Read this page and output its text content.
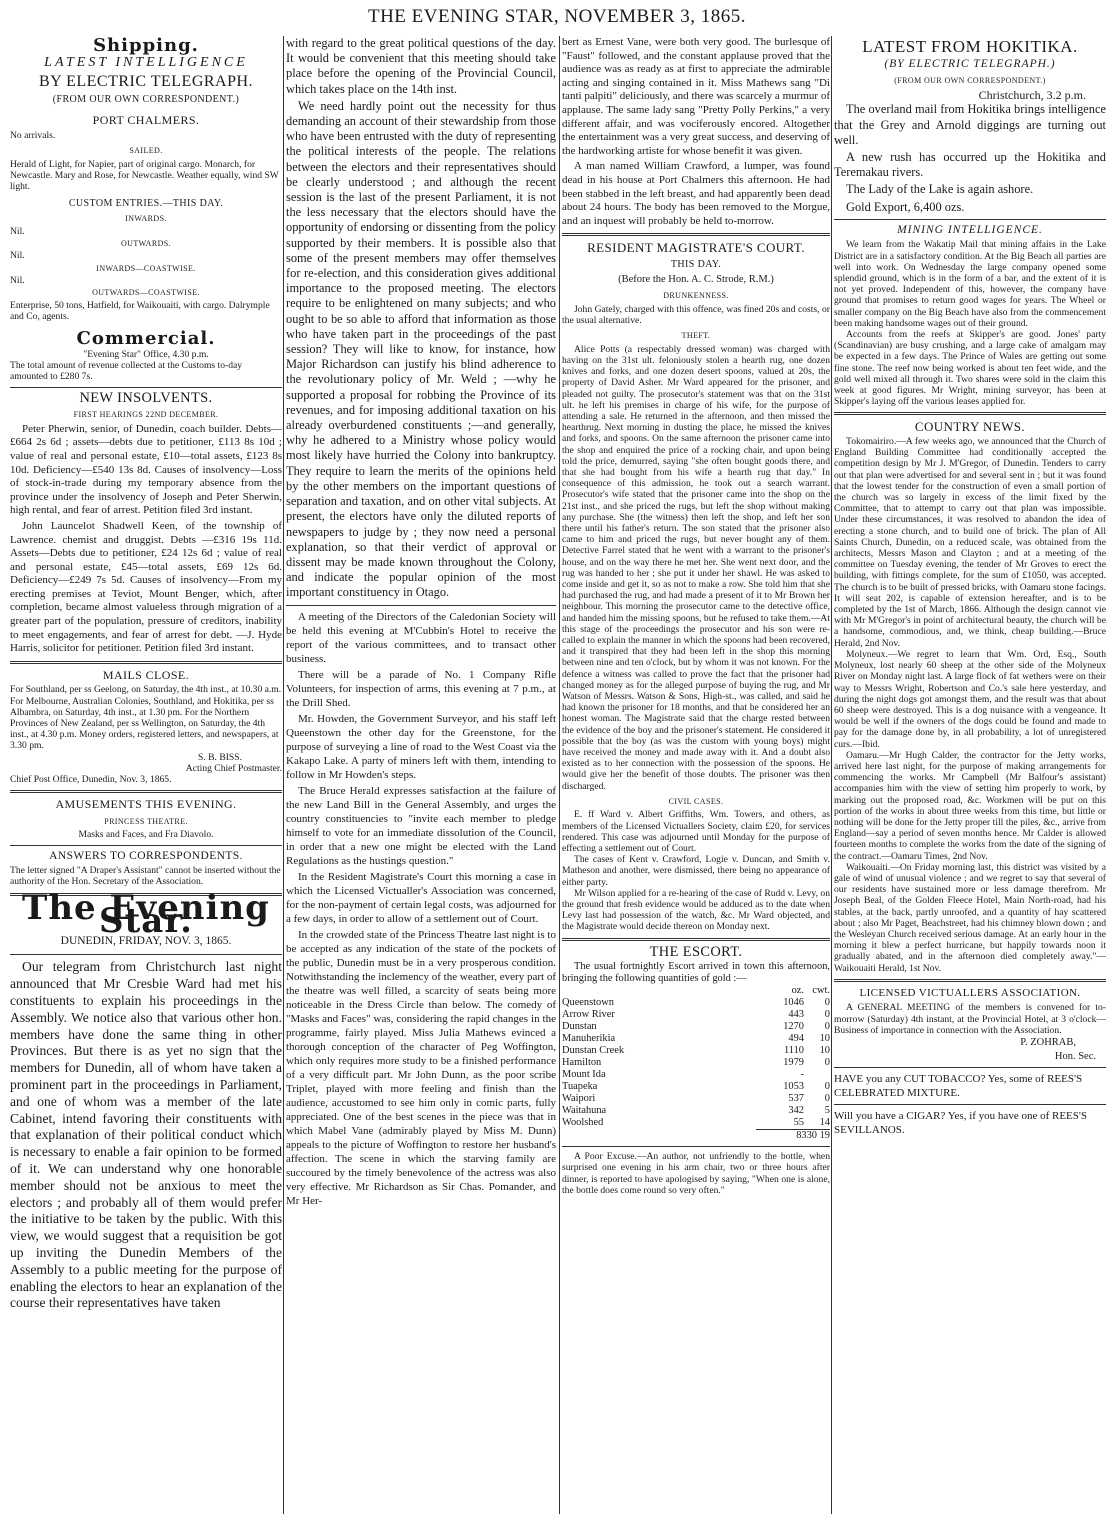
THE EVENING STAR, NOVEMBER 3, 1865.
Shipping.
LATEST INTELLIGENCE
BY ELECTRIC TELEGRAPH.
(FROM OUR OWN CORRESPONDENT.)
PORT CHALMERS.
No arrivals.
SAILED.
Herald of Light, for Napier, part of original cargo. Monarch, for Newcastle. Mary and Rose, for Newcastle. Weather equally, wind SW light.
CUSTOM ENTRIES.—THIS DAY.
INWARDS.
Nil.
OUTWARDS.
Nil.
INWARDS—COASTWISE.
Nil.
OUTWARDS—COASTWISE.
Enterprise, 50 tons, Hatfield, for Waikouaiti, with cargo. Dalrymple and Co, agents.
Commercial.
"Evening Star" Office, 4.30 p.m.
The total amount of revenue collected at the Customs to-day amounted to £280 7s.
NEW INSOLVENTS.
FIRST HEARINGS 22ND DECEMBER.

Peter Pherwin, senior, of Dunedin, coach builder. Debts—£664 2s 6d ; assets—debts due to petitioner, £113 8s 10d ; value of real and personal estate, £10—total assets, £123 8s 10d. Deficiency—£540 13s 8d. Causes of insolvency—Loss of stock-in-trade during my temporary absence from the province under the insolvency of Joseph and Peter Sherwin, high rental, and fear of arrest. Petition filed 3rd instant.

John Launcelot Shadwell Keen, of the township of Lawrence. chemist and druggist. Debts —£316 19s 11d. Assets—Debts due to petitioner, £24 12s 6d ; value of real and personal estate, £45—total assets, £69 12s 6d. Deficiency—£249 7s 5d. Causes of insolvency—From my erecting premises at Teviot, Mount Benger, which, after completion, became almost valueless through migration of a greater part of the population, pressure of creditors, inability to meet engagements, and fear of arrest for debt. —J. Hyde Harris, solicitor for petitioner. Petition filed 3rd instant.

MAILS CLOSE.
For Southland, per ss Geelong, on Saturday, the 4th inst., at 10.30 a.m. For Melbourne, Australian Colonies, Southland, and Hokitika, per ss Albambra, on Saturday, 4th inst., at 1.30 pm. For the Northern Provinces of New Zealand, per ss Wellington, on Saturday, the 4th inst., at 4.30 p.m. Money orders, registered letters, and newspapers, at 3.30 pm.
S. B. BISS.
Acting Chief Postmaster.
Chief Post Office, Dunedin, Nov. 3, 1865.
AMUSEMENTS THIS EVENING.
PRINCESS THEATRE.
Masks and Faces, and Fra Diavolo.
ANSWERS TO CORRESPONDENTS.
The letter signed "A Draper's Assistant" cannot be inserted without the authority of the Hon. Secretary of the Association.
The Evening Star.
DUNEDIN, FRIDAY, NOV. 3, 1865.

Our telegram from Christchurch last night announced that Mr Cresbie Ward had met his constituents to explain his proceedings in the Assembly. We notice also that various other hon. members have done the same thing in other Provinces. But there is as yet no sign that the members for Dunedin, all of whom have taken a prominent part in the proceedings in Parliament, and one of whom was a member of the late Cabinet, intend favoring their constituents with that explanation of their political conduct which is necessary to enable a fair opinion to be formed of it. We can understand why one honorable member should not be anxious to meet the electors ; and probably all of them would prefer the initiative to be taken by the public. With this view, we would suggest that a requisition be got up inviting the Dunedin Members of the Assembly to a public meeting for the purpose of enabling the electors to hear an explanation of the course their representatives have taken

with regard to the great political questions of the day. It would be convenient that this meeting should take place before the opening of the Provincial Council, which takes place on the 14th inst.

We need hardly point out the necessity for thus demanding an account of their stewardship from those who have been entrusted with the duty of representing the political interests of the people. The relations between the electors and their representatives should be clearly understood ; and although the recent session is the last of the present Parliament, it is not the less necessary that the electors should have the opportunity of endorsing or dissenting from the policy supported by their members. It is possible also that some of the present members may offer themselves for re-election, and this consideration gives additional importance to the proposed meeting. The electors require to be enlightened on many subjects; and who ought to be so able to afford that information as those who have taken part in the proceedings of the past session? They will like to know, for instance, how Major Richardson can justify his blind adherence to the revolutionary policy of Mr. Weld ; —why he supported a proposal for robbing the Province of its revenues, and for imposing additional taxation on his already overburdened constituents ;—and generally, why he adhered to a Ministry whose policy would most likely have hurried the Colony into bankruptcy. They require to learn the merits of the opinions held by the other members on the important questions of separation and taxation, and on other vital subjects. At present, the electors have only the diluted reports of newspapers to judge by ; they now need a personal explanation, so that their verdict of approval or dissent may be made known throughout the Colony, and indicate the popular opinion of the most important constituency in Otago.

A meeting of the Directors of the Caledonian Society will be held this evening at M'Cubbin's Hotel to receive the report of the various committees, and to transact other business.

There will be a parade of No. 1 Company Rifle Volunteers, for inspection of arms, this evening at 7 p.m., at the Drill Shed.

Mr. Howden, the Government Surveyor, and his staff left Queenstown the other day for the Greenstone, for the purpose of surveying a line of road to the West Coast via the Kakapo Lake. A party of miners left with them, intending to follow in Mr Howden's steps.

The Bruce Herald expresses satisfaction at the failure of the new Land Bill in the General Assembly, and urges the country constituencies to "invite each member to pledge himself to vote for an immediate dissolution of the Council, in order that a new one might be elected with the Land Regulations as the hustings question."

In the Resident Magistrate's Court this morning a case in which the Licensed Victualler's Association was concerned, for the non-payment of certain legal costs, was adjourned for a few days, in order to allow of a settlement out of Court.

In the crowded state of the Princess Theatre last night is to be accepted as any indication of the state of the pockets of the public, Dunedin must be in a very prosperous condition. Notwithstanding the inclemency of the weather, every part of the theatre was well filled, a scarcity of seats being more noticeable in the Dress Circle than below. The comedy of "Masks and Faces" was, considering the rapid changes in the programme, fairly played. Miss Julia Mathews evinced a thorough conception of the character of Peg Woffington, which only requires more study to be a finished performance of a very difficult part. Mr John Dunn, as the poor scribe Triplet, played with more feeling and finish than the audience, accustomed to see him only in comic parts, fully appreciated. One of the best scenes in the piece was that in which Mabel Vane (admirably played by Miss M. Dunn) appeals to the picture of Woffington to restore her husband's affection. The scene in which the starving family are succoured by the timely benevolence of the actress was also very effective. Mr Richardson as Sir Chas. Pomander, and Mr Her-

bert as Ernest Vane, were both very good. The burlesque of "Faust" followed, and the constant applause proved that the audience was as ready as at first to appreciate the admirable acting and singing contained in it. Miss Mathews sang "Di tanti palpiti" deliciously, and there was scarcely a murmur of applause. The same lady sang "Pretty Polly Perkins," a very different affair, and was vociferously encored. Altogether the entertainment was a very great success, and deserving of the hardworking artiste for whose benefit it was given.

A man named William Crawford, a lumper, was found dead in his house at Port Chalmers this afternoon. He had been stabbed in the left breast, and had apparently been dead about 24 hours. The body has been removed to the Morgue, and an inquest will probably be held to-morrow.

RESIDENT MAGISTRATE'S COURT.
THIS DAY.
(Before the Hon. A. C. Strode, R.M.)
DRUNKENNESS.

John Gately, charged with this offence, was fined 20s and costs, or the usual alternative.

THEFT.

Alice Potts (a respectably dressed woman) was charged with having on the 31st ult. feloniously stolen a hearth rug, one dozen knives and forks, and one dozen desert spoons, valued at 20s, the property of David Asher. Mr Ward appeared for the prisoner, and pleaded not guilty. The prosecutor's statement was that on the 31st ult. he left his premises in charge of his wife, for the purpose of attending a sale. He returned in the afternoon, and then missed the hearthrug. Next morning in dusting the place, he missed the knives and forks, and spoons. On the same afternoon the prisoner came into the shop and enquired the price of a rocking chair, and upon being told the price, demurred, saying "she often bought goods there, and that she had bought from his wife a hearth rug that day." In consequence of this admission, he took out a search warrant. Prosecutor's wife stated that the prisoner came into the shop on the 21st inst., and she priced the rugs, but left the shop without making any purchase. She (the witness) then left the shop, and left her son there until his father's return. The son stated that the prisoner also came to him and priced the rugs, but never bought any of them. Detective Farrel stated that he went with a warrant to the prisoner's house, and on the way there he met her. She went next door, and the rug was handed to her ; she put it under her shawl. He was asked to come inside and get it, so as not to make a row. She told him that she had purchased the rug, and had made a present of it to Mr Brown her neighbour. This morning the prosecutor came to the detective office, and handed him the missing spoons, but he refused to take them.—At this stage of the proceedings the prosecutor and his son were re-called to explain the manner in which the spoons had been recovered, and it transpired that they had been left in the shop this morning between nine and ten o'clock, but by whom it was not known. For the defence a witness was called to prove the fact that the prisoner had changed money as for the alleged purpose of buying the rug, and Mr Watson of Messrs. Watson & Sons, High-st., was called, and said he had known the prisoner for 18 months, and that he considered her an honest woman. The Magistrate said that the charge rested between the evidence of the boy and the prisoner's statement. He considered it possible that the boy (as was the custom with young boys) might have received the money and made away with it. And a doubt also existed as to her connection with the possession of the spoons. He would give her the benefit of those doubts. The prisoner was then discharged.

CIVIL CASES.

E. ff Ward v. Albert Griffiths, Wm. Towers, and others, as members of the Licensed Victuallers Society, claim £20, for services rendered. This case was adjourned until Monday for the purpose of effecting a settlement out of Court.

The cases of Kent v. Crawford, Logie v. Duncan, and Smith v. Matheson and another, were dismissed, there being no appearance of either party.

Mr Wilson applied for a re-hearing of the case of Rudd v. Levy, on the ground that fresh evidence would be adduced as to the date when Levy last had possession of the watch, &c. Mr Ward objected, and the Magistrate would decide thereon on Monday next.

THE ESCORT.

The usual fortnightly Escort arrived in town this afternoon, bringing the following quantities of gold :—

	oz.	cwt.
Queenstown	1046	0
Arrow River	443	0
Dunstan	1270	0
Manuherikia	494	10
Dunstan Creek	1110	10
Hamilton	1979	0
Mount Ida	-	
Tuapeka	1053	0
Waipori	537	0
Waitahuna	342	5
Woolshed	55	14
	8330 19	

A Poor Excuse.—An author, not unfriendly to the bottle, when surprised one evening in his arm chair, two or three hours after dinner, is reported to have apologised by saying, "When one is alone, the bottle does come round so very often."

LATEST FROM HOKITIKA.
(BY ELECTRIC TELEGRAPH.)
(FROM OUR OWN CORRESPONDENT.)
Christchurch, 3.2 p.m.

The overland mail from Hokitika brings intelligence that the Grey and Arnold diggings are turning out well.

A new rush has occurred up the Hokitika and Teremakau rivers.

The Lady of the Lake is again ashore.

Gold Export, 6,400 ozs.

MINING INTELLIGENCE.

We learn from the Wakatip Mail that mining affairs in the Lake District are in a satisfactory condition. At the Big Beach all parties are well into work. On Wednesday the large company opened some splendid ground, which is in the form of a bar, and the extent of it is not yet proved. Independent of this, however, the company have ground that promises to return good wages for years. The Wheel or smaller company on the Big Beach have also from the commencement been making handsome wages out of their ground.

Accounts from the reefs at Skipper's are good. Jones' party (Scandinavian) are busy crushing, and a large cake of amalgam may be expected in a few days. The Prince of Wales are getting out some fine stone. The reef now being worked is about ten feet wide, and the gold well mixed all through it. Two shares were sold in the claim this week at good figures. Mr Wright, mining surveyor, has been at Skipper's laying off the various leases applied for.

COUNTRY NEWS.

Tokomairiro.—A few weeks ago, we announced that the Church of England Building Committee had conditionally accepted the competition design by Mr J. M'Gregor, of Dunedin. Tenders to carry out that plan were advertised for and several sent in ; but it was found that the lowest tender for the construction of even a small portion of the church was so largely in excess of the limit fixed by the Committee, that to attempt to carry out that plan was impossible. Under these circumstances, it was resolved to abandon the idea of erecting a stone church, and to build one of brick. The plan of All Saints Church, Dunedin, on a reduced scale, was obtained from the architects, Messrs Mason and Clayton ; and at a meeting of the committee on Tuesday evening, the tender of Mr Groves to erect the building, with fittings complete, for the sum of £1050, was accepted. The church is to be built of pressed bricks, with Oamaru stone facings. It will seat 202, is capable of extension hereafter, and is to be completed by the 1st of March, 1866. Although the design cannot vie with Mr M'Gregor's in point of architectural beauty, the church will be a handsome, commodious, and, we think, cheap building.—Bruce Herald, 2nd Nov.

Molyneux.—We regret to learn that Wm. Ord, Esq., South Molyneux, lost nearly 60 sheep at the other side of the Molyneux River on Monday night last. A large flock of fat wethers were on their way to Messrs Wright, Robertson and Co.'s sale here yesterday, and during the night dogs got amongst them, and the result was that about 60 sheep were destroyed. This is a dog nuisance with a vengeance. It would be well if the owners of the dogs could be found and made to pay for the damage done by, in all probability, a lot of unregistered curs.—Ibid.

Oamaru.—Mr Hugh Calder, the contractor for the Jetty works, arrived here last night, for the purpose of making arrangements for commencing the works. Mr Campbell (Mr Balfour's assistant) accompanies him with the view of setting him properly to work, by marking out the proposed road, &c. Workmen will be put on this portion of the works in about three weeks from this time, but little or nothing will be done for the Jetty proper till the piles, &c., arrive from England—say a period of seven months hence. Mr Calder is allowed fourteen months to complete the works from the date of the signing of the contract.—Oamaru Times, 2nd Nov.

Waikouaiti.—On Friday morning last, this district was visited by a gale of wind of unusual violence ; and we regret to say that several of our residents have sustained more or less damage therefrom. Mr Joseph Beal, of the Golden Fleece Hotel, Main North-road, had his stables, at the back, partly unroofed, and a quantity of hay scattered about ; also Mr Paget, Beachstreet, had his chimney blown down ; and the Wesleyan Church received serious damage. At an early hour in the morning it blew a perfect hurricane, but happily towards noon it gradually abated, and in the afternoon died completely away."—Waikouaiti Herald, 1st Nov.

LICENSED VICTUALLERS ASSOCIATION.

A GENERAL MEETING of the members is convened for to-morrow (Saturday) 4th instant, at the Provincial Hotel, at 3 o'clock—Business of importance in connection with the Association.

P. ZOHRAB,
Hon. Sec.
HAVE you any CUT TOBACCO? Yes, some of REES'S CELEBRATED MIXTURE.
Will you have a CIGAR? Yes, if you have one of REES'S SEVILLANOS.
